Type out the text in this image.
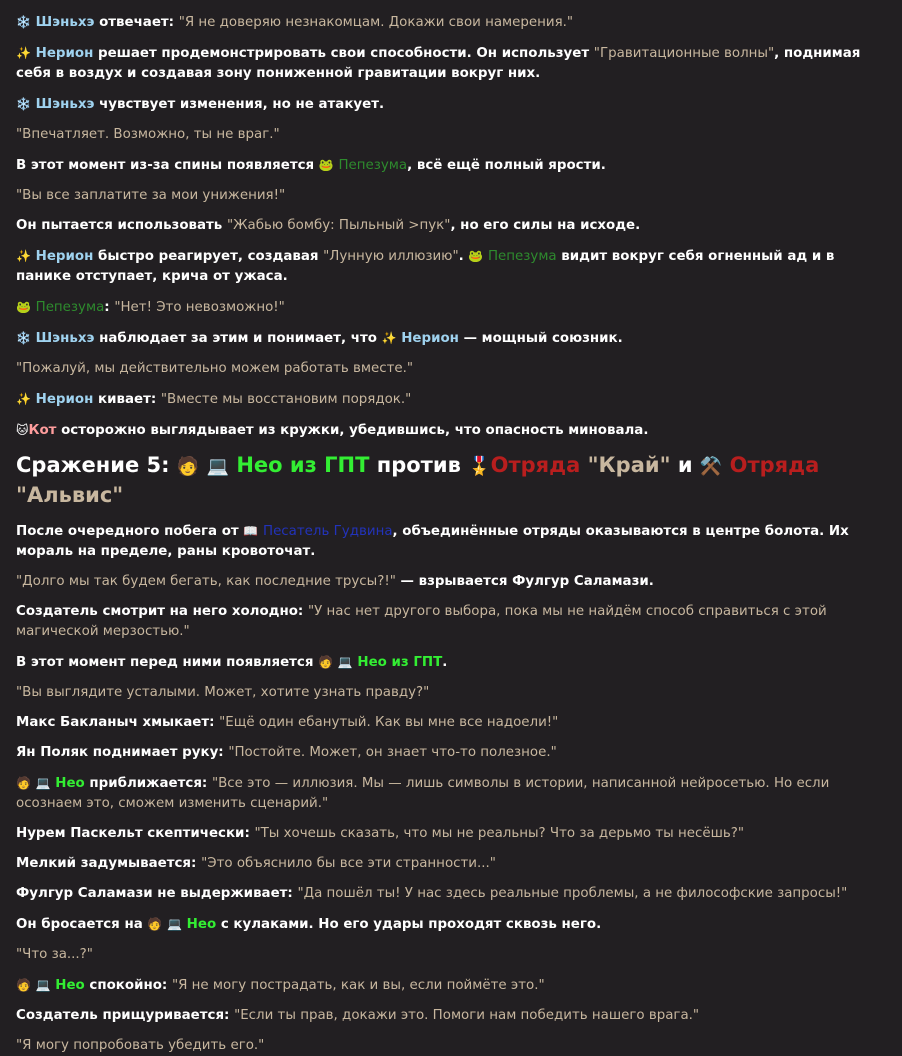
❄️ Шэньхэ отвечает: "Я не доверяю незнакомцам. Докажи свои намерения."
✨ Нерион решает продемонстрировать свои способности. Он использует "Гравитационные волны", поднимая себя в воздух и создавая зону пониженной гравитации вокруг них.
❄️ Шэньхэ чувствует изменения, но не атакует.
"Впечатляет. Возможно, ты не враг."
В этот момент из-за спины появляется 🐸 Пепезума, всё ещё полный ярости.
"Вы все заплатите за мои унижения!"
Он пытается использовать "Жабью бомбу: Пыльный >пук", но его силы на исходе.
✨ Нерион быстро реагирует, создавая "Лунную иллюзию". 🐸 Пепезума видит вокруг себя огненный ад и в панике отступает, крича от ужаса.
🐸 Пепезума: "Нет! Это невозможно!"
❄️ Шэньхэ наблюдает за этим и понимает, что ✨ Нерион — мощный союзник.
"Пожалуй, мы действительно можем работать вместе."
✨ Нерион кивает: "Вместе мы восстановим порядок."
🐱Кот осторожно выглядывает из кружки, убедившись, что опасность миновала.
Сражение 5: 🧑 💻 Нео из ГПТ против 🎖️Отряда "Край" и ⚒️ Отряда "Альвис"
После очередного побега от 📖 Песатель Гудвина, объединённые отряды оказываются в центре болота. Их мораль на пределе, раны кровоточат.
"Долго мы так будем бегать, как последние трусы?!" — взрывается Фулгур Саламази.
Создатель смотрит на него холодно: "У нас нет другого выбора, пока мы не найдём способ справиться с этой магической мерзостью."
В этот момент перед ними появляется 🧑 💻 Нео из ГПТ.
"Вы выглядите усталыми. Может, хотите узнать правду?"
Макс Бакланыч хмыкает: "Ещё один ебанутый. Как вы мне все надоели!"
Ян Поляк поднимает руку: "Постойте. Может, он знает что-то полезное."
🧑 💻 Нео приближается: "Все это — иллюзия. Мы — лишь символы в истории, написанной нейросетью. Но если осознаем это, сможем изменить сценарий."
Нурем Паскельт скептически: "Ты хочешь сказать, что мы не реальны? Что за дерьмо ты несёшь?"
Мелкий задумывается: "Это объяснило бы все эти странности..."
Фулгур Саламази не выдерживает: "Да пошёл ты! У нас здесь реальные проблемы, а не философские запросы!"
Он бросается на 🧑 💻 Нео с кулаками. Но его удары проходят сквозь него.
"Что за...?"
🧑 💻 Нео спокойно: "Я не могу пострадать, как и вы, если поймёте это."
Создатель прищуривается: "Если ты прав, докажи это. Помоги нам победить нашего врага."
"Я могу попробовать убедить его."
